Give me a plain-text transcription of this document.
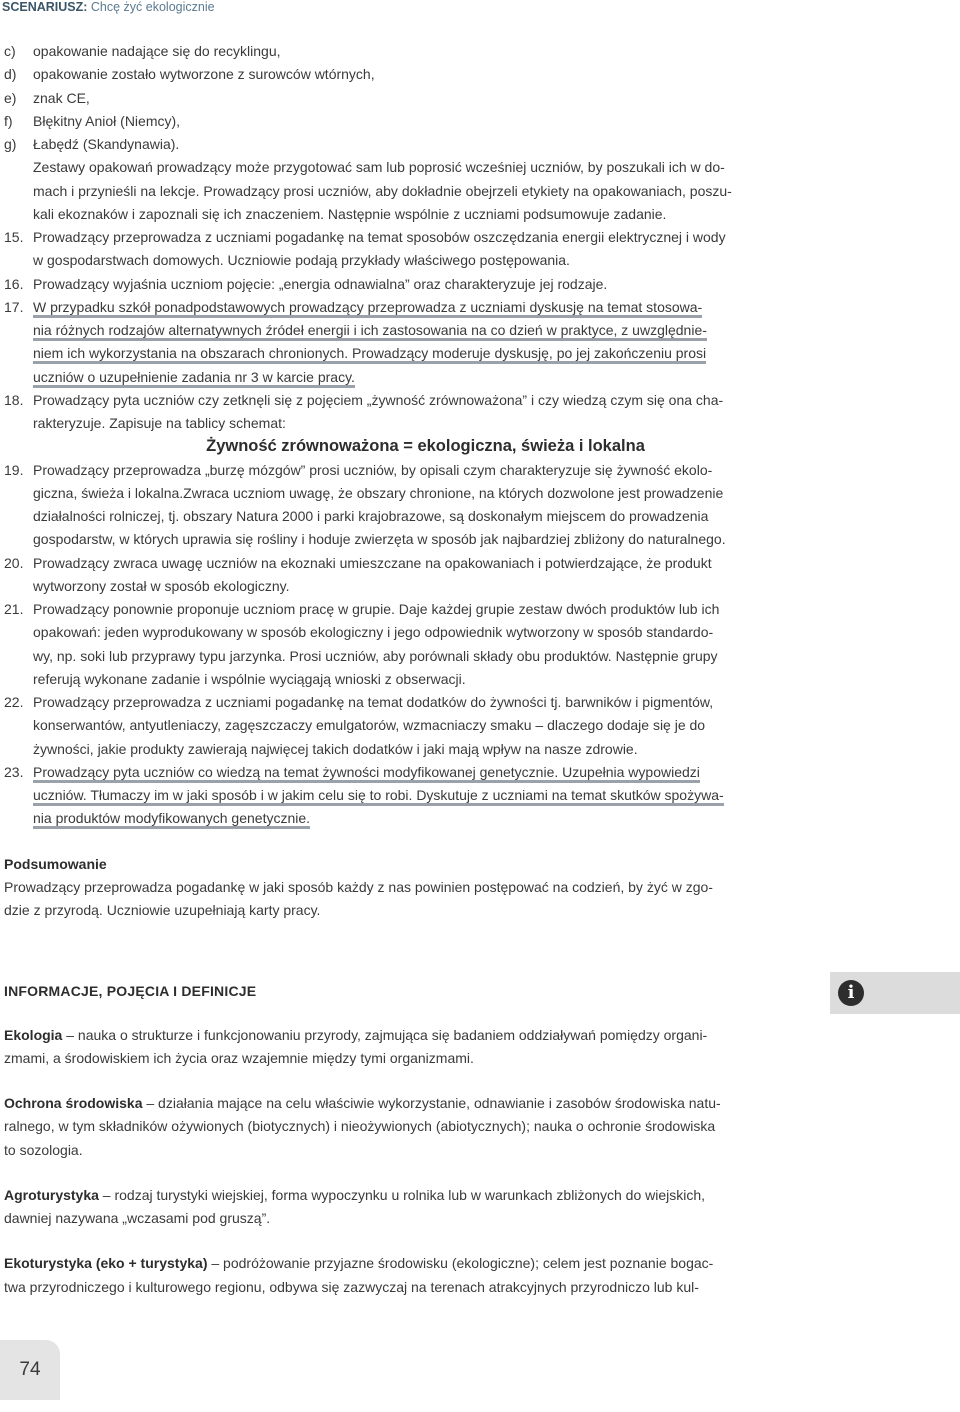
SCENARIUSZ: Chcę żyć ekologicznie
c) opakowanie nadające się do recyklingu,
d) opakowanie zostało wytworzone z surowców wtórnych,
e) znak CE,
f) Błękitny Anioł (Niemcy),
g) Łabędź (Skandynawia).
Zestawy opakowań prowadzący może przygotować sam lub poprosić wcześniej uczniów, by poszukali ich w do-
mach i przynieśli na lekcje. Prowadzący prosi uczniów, aby dokładnie obejrzeli etykiety na opakowaniach, poszu-
kali ekoznaków i zapoznali się ich znaczeniem. Następnie wspólnie z uczniami podsumowuje zadanie.
15. Prowadzący przeprowadza z uczniami pogadankę na temat sposobów oszczędzania energii elektrycznej i wody
w gospodarstwach domowych. Uczniowie podają przykłady właściwego postępowania.
16. Prowadzący wyjaśnia uczniom pojęcie: „energia odnawialna” oraz charakteryzuje jej rodzaje.
17. W przypadku szkół ponadpodstawowych prowadzący przeprowadza z uczniami dyskusję na temat stosowa-
nia różnych rodzajów alternatywnych źródeł energii i ich zastosowania na co dzień w praktyce, z uwzględnie-
niem ich wykorzystania na obszarach chronionych. Prowadzący moderuje dyskusję, po jej zakończeniu prosi
uczniów o uzupełnienie zadania nr 3 w karcie pracy.
18. Prowadzący pyta uczniów czy zetknęli się z pojęciem „żywność zrównoważona” i czy wiedzą czym się ona cha-
rakteryzuje. Zapisuje na tablicy schemat:
Żywność zrównoważona = ekologiczna, świeża i lokalna
19. Prowadzący przeprowadza „burzę mózgów” prosi uczniów, by opisali czym charakteryzuje się żywność ekolo-
giczna, świeża i lokalna.Zwraca uczniom uwagę, że obszary chronione, na których dozwolone jest prowadzenie
działalności rolniczej, tj. obszary Natura 2000 i parki krajobrazowe, są doskonałym miejscem do prowadzenia
gospodarstw, w których uprawia się rośliny i hoduje zwierzęta w sposób jak najbardziej zbliżony do naturalnego.
20. Prowadzący zwraca uwagę uczniów na ekoznaki umieszczane na opakowaniach i potwierdzające, że produkt
wytworzony został w sposób ekologiczny.
21. Prowadzący ponownie proponuje uczniom pracę w grupie. Daje każdej grupie zestaw dwóch produktów lub ich
opakowań: jeden wyprodukowany w sposób ekologiczny i jego odpowiednik wytworzony w sposób standardo-
wy, np. soki lub przyprawy typu jarzynka. Prosi uczniów, aby porównali składy obu produktów. Następnie grupy
referują wykonane zadanie i wspólnie wyciągają wnioski z obserwacji.
22. Prowadzący przeprowadza z uczniami pogadankę na temat dodatków do żywności tj. barwników i pigmentów,
konserwantów, antyutleniaczy, zagęszczaczy emulgatorów, wzmacniaczy smaku – dlaczego dodaje się je do
żywności, jakie produkty zawierają najwięcej takich dodatków i jaki mają wpływ na nasze zdrowie.
23. Prowadzący pyta uczniów co wiedzą na temat żywności modyfikowanej genetycznie. Uzupełnia wypowiedzi
uczniów. Tłumaczy im w jaki sposób i w jakim celu się to robi. Dyskutuje z uczniami na temat skutków spożywa-
nia produktów modyfikowanych genetycznie.
Podsumowanie
Prowadzący przeprowadza pogadankę w jaki sposób każdy z nas powinien postępować na codzień, by żyć w zgo-
dzie z przyrodą. Uczniowie uzupełniają karty pracy.
INFORMACJE, POJĘCIA I DEFINICJE
Ekologia – nauka o strukturze i funkcjonowaniu przyrody, zajmująca się badaniem oddziaływań pomiędzy organi-
zmami, a środowiskiem ich życia oraz wzajemnie między tymi organizmami.
Ochrona środowiska – działania mające na celu właściwie wykorzystanie, odnawianie i zasobów środowiska natu-
ralnego, w tym składników ożywionych (biotycznych) i nieożywionych (abiotycznych); nauka o ochronie środowiska
to sozologia.
Agroturystyka – rodzaj turystyki wiejskiej, forma wypoczynku u rolnika lub w warunkach zbliżonych do wiejskich,
dawniej nazywana „wczasami pod gruszą”.
Ekoturystyka (eko + turystyka) – podróżowanie przyjazne środowisku (ekologiczne); celem jest poznanie bogac-
twa przyrodniczego i kulturowego regionu, odbywa się zazwyczaj na terenach atrakcyjnych przyrodniczo lub kul-
i
74
